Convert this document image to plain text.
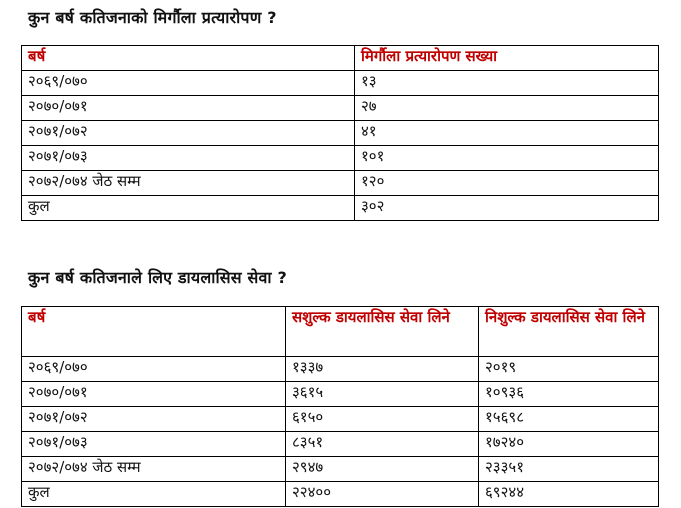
कुन बर्ष कतिजनाको मिर्गौला प्रत्यारोपण ?

बर्ष	मिर्गौला प्रत्यारोपण सख्या
२०६९/०७०	१३
२०७०/०७१	२७
२०७१/०७२	४१
२०७१/०७३	१०१
२०७२/०७४ जेठ सम्म	१२०
कुल	३०२

कुन बर्ष कतिजनाले लिए डायलासिस सेवा ?

बर्ष	सशुल्क डायलासिस सेवा लिने	निशुल्क डायलासिस सेवा लिने
२०६९/०७०	१३३७	२०१९
२०७०/०७१	३६१५	१०९३६
२०७१/०७२	६१५०	१५६९८
२०७१/०७३	८३५१	१७२४०
२०७२/०७४ जेठ सम्म	२९४७	२३३५१
कुल	२२४००	६९२४४
